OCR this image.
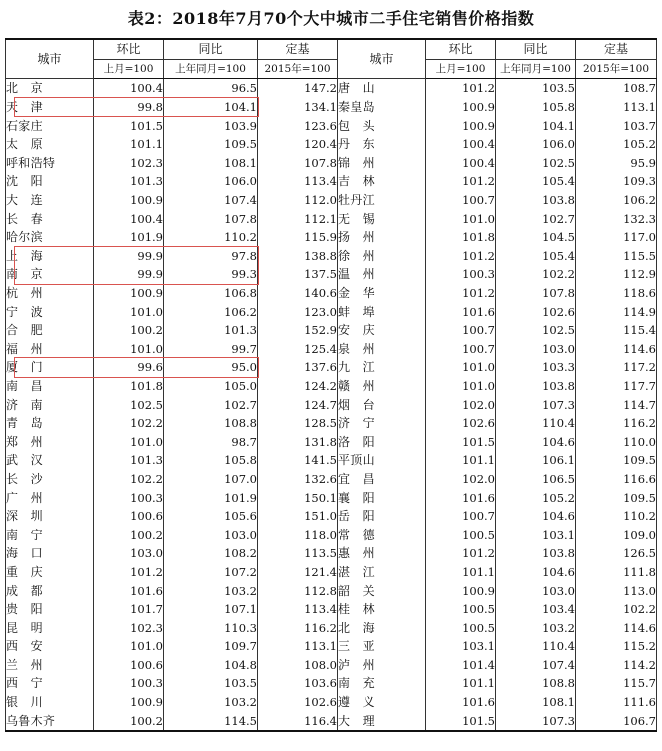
表2：2018年7月70个大中城市二手住宅销售价格指数
城市	环比	同比	定基	城市	环比	同比	定基
	上月=100	上年同月=100	2015年=100		上月=100	上年同月=100	2015年=100
北　京	100.4	96.5	147.2	唐　山	101.2	103.5	108.7
天　津	99.8	104.1	134.1	秦皇岛	100.9	105.8	113.1
石家庄	101.5	103.9	123.6	包　头	100.9	104.1	103.7
太　原	101.1	109.5	120.4	丹　东	100.4	106.0	105.2
呼和浩特	102.3	108.1	107.8	锦　州	100.4	102.5	95.9
沈　阳	101.3	106.0	113.4	吉　林	101.2	105.4	109.3
大　连	100.9	107.4	112.0	牡丹江	100.7	103.8	106.2
长　春	100.4	107.8	112.1	无　锡	101.0	102.7	132.3
哈尔滨	101.9	110.2	115.9	扬　州	101.8	104.5	117.0
上　海	99.9	97.8	138.8	徐　州	101.2	105.4	115.5
南　京	99.9	99.3	137.5	温　州	100.3	102.2	112.9
杭　州	100.9	106.8	140.6	金　华	101.2	107.8	118.6
宁　波	101.0	106.2	123.0	蚌　埠	101.6	102.6	114.9
合　肥	100.2	101.3	152.9	安　庆	100.7	102.5	115.4
福　州	101.0	99.7	125.4	泉　州	100.7	103.0	114.6
厦　门	99.6	95.0	137.6	九　江	101.0	103.3	117.2
南　昌	101.8	105.0	124.2	赣　州	101.0	103.8	117.7
济　南	102.5	102.7	124.7	烟　台	102.0	107.3	114.7
青　岛	102.2	108.8	128.5	济　宁	102.6	110.4	116.2
郑　州	101.0	98.7	131.8	洛　阳	101.5	104.6	110.0
武　汉	101.3	105.8	141.5	平顶山	101.1	106.1	109.5
长　沙	102.2	107.0	132.6	宜　昌	102.0	106.5	116.6
广　州	100.3	101.9	150.1	襄　阳	101.6	105.2	109.5
深　圳	100.6	105.6	151.0	岳　阳	100.7	104.6	110.2
南　宁	100.2	103.0	118.0	常　德	100.5	103.1	109.0
海　口	103.0	108.2	113.5	惠　州	101.2	103.8	126.5
重　庆	101.2	107.2	121.4	湛　江	101.1	104.6	111.8
成　都	101.6	103.2	112.8	韶　关	100.9	103.0	113.0
贵　阳	101.7	107.1	113.4	桂　林	100.5	103.4	102.2
昆　明	102.3	110.3	116.2	北　海	100.5	103.2	114.6
西　安	101.0	109.7	113.1	三　亚	103.1	110.4	115.2
兰　州	100.6	104.8	108.0	泸　州	101.4	107.4	114.2
西　宁	100.3	103.5	103.6	南　充	101.1	108.8	115.7
银　川	100.9	103.2	102.6	遵　义	101.6	108.1	111.6
乌鲁木齐	100.2	114.5	116.4	大　理	101.5	107.3	106.7
